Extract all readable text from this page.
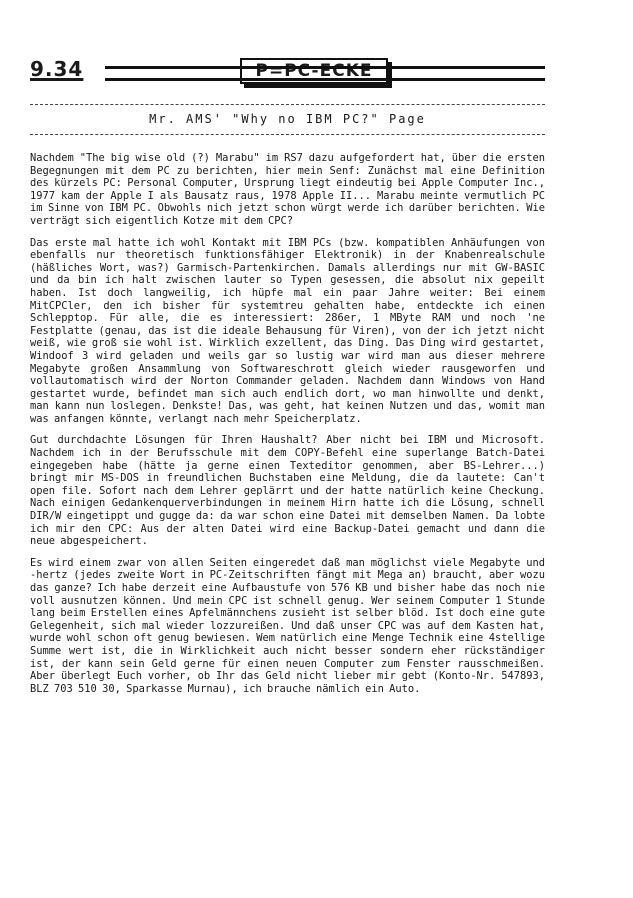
9.34	P=PC-ECKE
Mr. AMS' "Why no IBM PC?" Page

Nachdem "The big wise old (?) Marabu" im RS7 dazu aufgefordert hat, über die ersten Begegnungen mit dem PC zu berichten, hier mein Senf: Zunächst mal eine Definition des kürzels PC: Personal Computer, Ursprung liegt eindeutig bei Apple Computer Inc., 1977 kam der Apple I als Bausatz raus, 1978 Apple II... Marabu meinte vermutlich PC im Sinne von IBM PC. Obwohls nich jetzt schon würgt werde ich darüber berichten. Wie verträgt sich eigentlich Kotze mit dem CPC?

Das erste mal hatte ich wohl Kontakt mit IBM PCs (bzw. kompatiblen Anhäufungen von ebenfalls nur theoretisch funktionsfähiger Elektronik) in der Knabenrealschule (häßliches Wort, was?) Garmisch-Partenkirchen. Damals allerdings nur mit GW-BASIC und da bin ich halt zwischen lauter so Typen gesessen, die absolut nix gepeilt haben. Ist doch langweilig, ich hüpfe mal ein paar Jahre weiter: Bei einem MitCPCler, den ich bisher für systemtreu gehalten habe, entdeckte ich einen Schlepptop. Für alle, die es interessiert: 286er, 1 MByte RAM und noch 'ne Festplatte (genau, das ist die ideale Behausung für Viren), von der ich jetzt nicht weiß, wie groß sie wohl ist. Wirklich exzellent, das Ding. Das Ding wird gestartet, Windoof 3 wird geladen und weils gar so lustig war wird man aus dieser mehrere Megabyte großen Ansammlung von Softwareschrott gleich wieder rausgeworfen und vollautomatisch wird der Norton Commander geladen. Nachdem dann Windows von Hand gestartet wurde, befindet man sich auch endlich dort, wo man hinwollte und denkt, man kann nun loslegen. Denkste! Das, was geht, hat keinen Nutzen und das, womit man was anfangen könnte, verlangt nach mehr Speicherplatz.

Gut durchdachte Lösungen für Ihren Haushalt? Aber nicht bei IBM und Microsoft. Nachdem ich in der Berufsschule mit dem COPY-Befehl eine superlange Batch-Datei eingegeben habe (hätte ja gerne einen Texteditor genommen, aber BS-Lehrer...) bringt mir MS-DOS in freundlichen Buchstaben eine Meldung, die da lautete: Can't open file. Sofort nach dem Lehrer geplärrt und der hatte natürlich keine Checkung. Nach einigen Gedankenquerverbindungen in meinem Hirn hatte ich die Lösung, schnell DIR/W eingetippt und gugge da: da war schon eine Datei mit demselben Namen. Da lobte ich mir den CPC: Aus der alten Datei wird eine Backup-Datei gemacht und dann die neue abgespeichert.

Es wird einem zwar von allen Seiten eingeredet daß man möglichst viele Megabyte und -hertz (jedes zweite Wort in PC-Zeitschriften fängt mit Mega an) braucht, aber wozu das ganze? Ich habe derzeit eine Aufbaustufe von 576 KB und bisher habe das noch nie voll ausnutzen können. Und mein CPC ist schnell genug. Wer seinem Computer 1 Stunde lang beim Erstellen eines Apfelmännchens zusieht ist selber blöd. Ist doch eine gute Gelegenheit, sich mal wieder lozzureißen. Und daß unser CPC was auf dem Kasten hat, wurde wohl schon oft genug bewiesen. Wem natürlich eine Menge Technik eine 4stellige Summe wert ist, die in Wirklichkeit auch nicht besser sondern eher rückständiger ist, der kann sein Geld gerne für einen neuen Computer zum Fenster rausschmeißen. Aber überlegt Euch vorher, ob Ihr das Geld nicht lieber mir gebt (Konto-Nr. 547893, BLZ 703 510 30, Sparkasse Murnau), ich brauche nämlich ein Auto.
